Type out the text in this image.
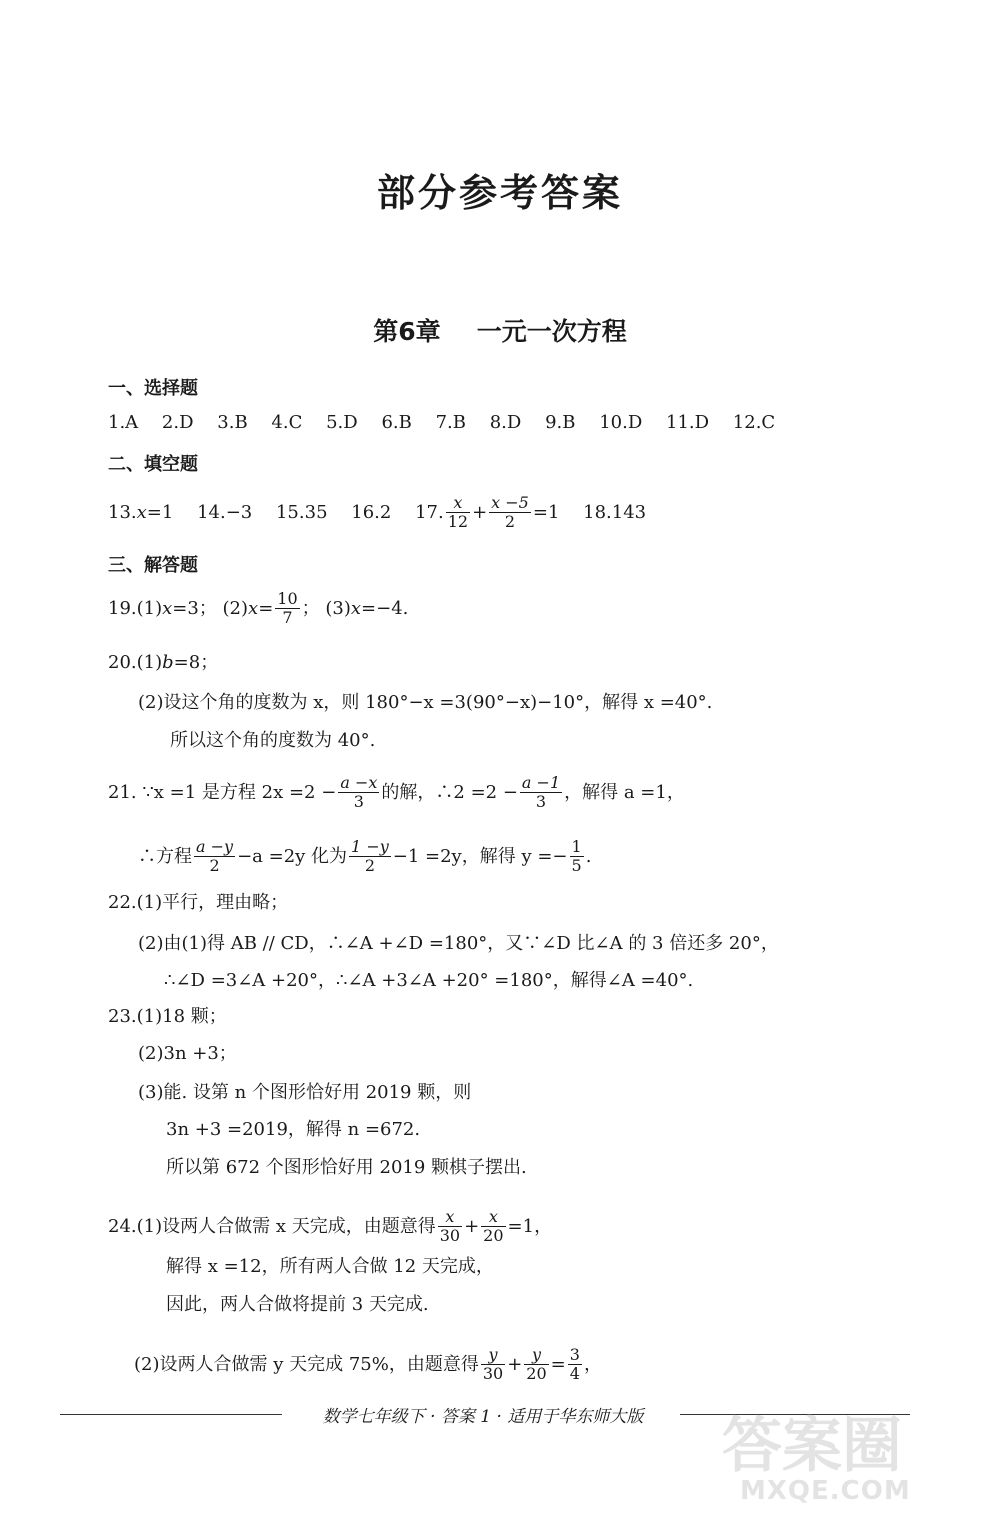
部分参考答案
第6章 一元一次方程
一、选择题
1.A 2.D 3.B 4.C 5.D 6.B 7.B 8.D 9.B 10.D 11.D 12.C
二、填空题
13.x=1 14.−3 15.35 16.2 17. $\frac{x}{12} + \frac{x -5}{2} =1$ 18.143
三、解答题
19.(1)x=3； $(2)x= \frac{10}{7}$ ； (3)x=−4.
20.(1)b=8；
(2)设这个角的度数为 x，则 180°−x =3(90°−x)−10°，解得 x =40°.
所以这个角的度数为 40°.
21. ∵x =1 是方程 $2x =2 - \frac{a -x}{3}$ 的解，∴2 $=2 - \frac{a -1}{3}$ ，解得 a =1，
∴方程 $\frac{a -y}{2} -a =2y$ 化为 $\frac{1 -y}{2} -1 =2y$，解得 $y =- \frac{1}{5}$ .
22.(1)平行，理由略；
(2)由(1)得 AB // CD，∴∠A +∠D =180°，又∵∠D 比∠A 的 3 倍还多 20°，
∴∠D =3∠A +20°，∴∠A +3∠A +20° =180°，解得∠A =40°.
23.(1)18 颗；
(2)3n +3；
(3)能. 设第 n 个图形恰好用 2019 颗，则
3n +3 =2019，解得 n =672.
所以第 672 个图形恰好用 2019 颗棋子摆出.
24.(1)设两人合做需 x 天完成，由题意得 $\frac{x}{30} + \frac{x}{20} =1$，
解得 x =12，所有两人合做 12 天完成，
因此，两人合做将提前 3 天完成.
(2)设两人合做需 y 天完成 75%，由题意得 $\frac{y}{30} + \frac{y}{20} = \frac{3}{4}$ ，
数学七年级下 · 答案 1 · 适用于华东师大版	答案圈
MXQE.COM
